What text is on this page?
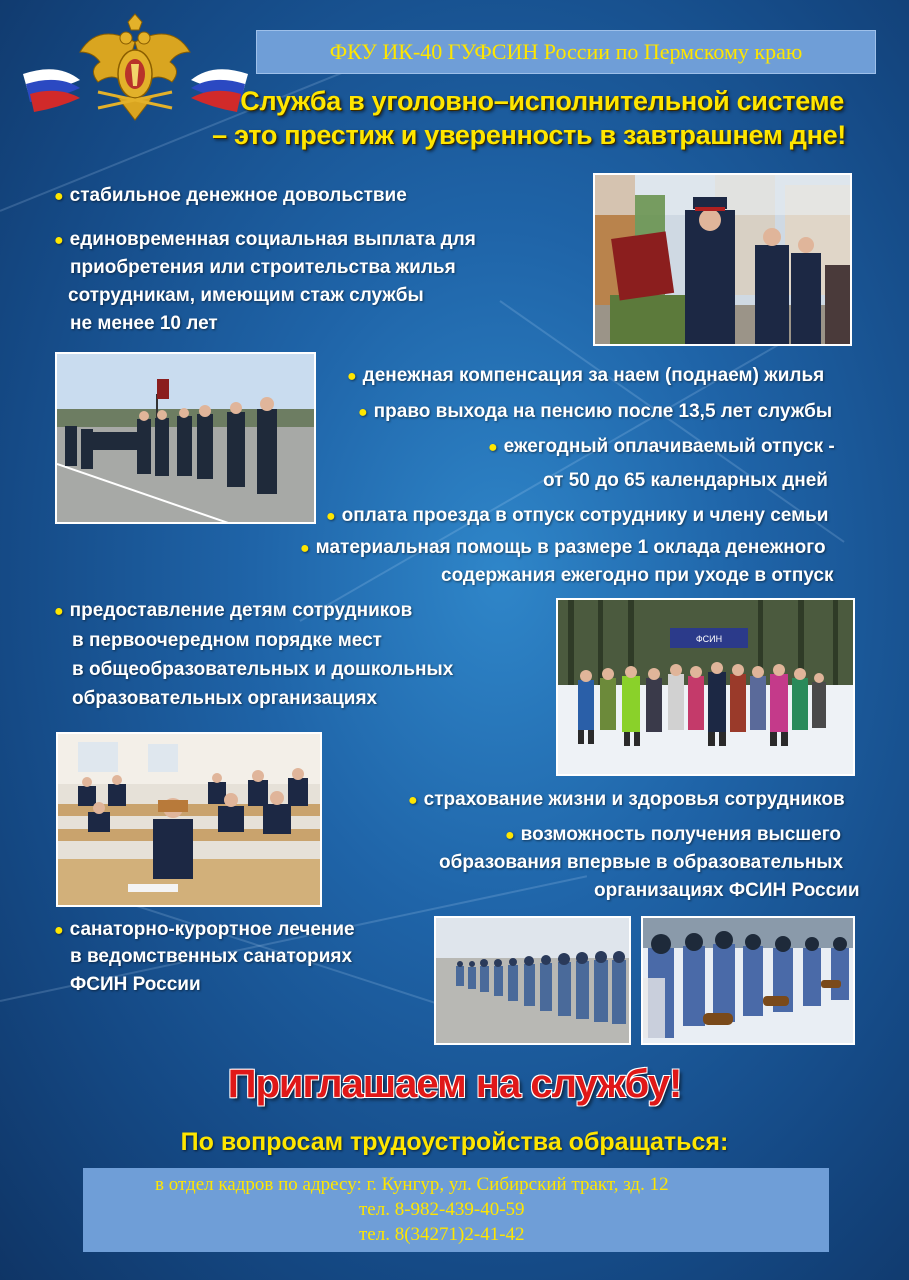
ФКУ ИК-40 ГУФСИН России по Пермскому краю
Служба в уголовно–исполнительной системе
– это престиж и уверенность в завтрашнем дне!
● стабильное денежное довольствие
● единовременная социальная выплата для
приобретения или строительства жилья
сотрудникам, имеющим стаж службы
не менее 10 лет
● денежная компенсация за наем (поднаем) жилья
● право выхода на пенсию после 13,5 лет службы
● ежегодный оплачиваемый отпуск -
от 50 до 65 календарных дней
● оплата проезда в отпуск сотруднику и члену семьи
● материальная помощь в размере 1 оклада денежного
содержания ежегодно при уходе в отпуск
● предоставление детям сотрудников
в первоочередном порядке мест
в общеобразовательных и дошкольных
образовательных организациях
ФСИН
● страхование жизни и здоровья сотрудников
● возможность получения высшего
образования впервые в образовательных
организациях ФСИН России
● санаторно-курортное лечение
в ведомственных санаториях
ФСИН России
Приглашаем на службу!
По вопросам трудоустройства обращаться:
в отдел кадров по адресу: г. Кунгур, ул. Сибирский тракт, зд. 12
тел. 8-982-439-40-59
тел. 8(34271)2-41-42
